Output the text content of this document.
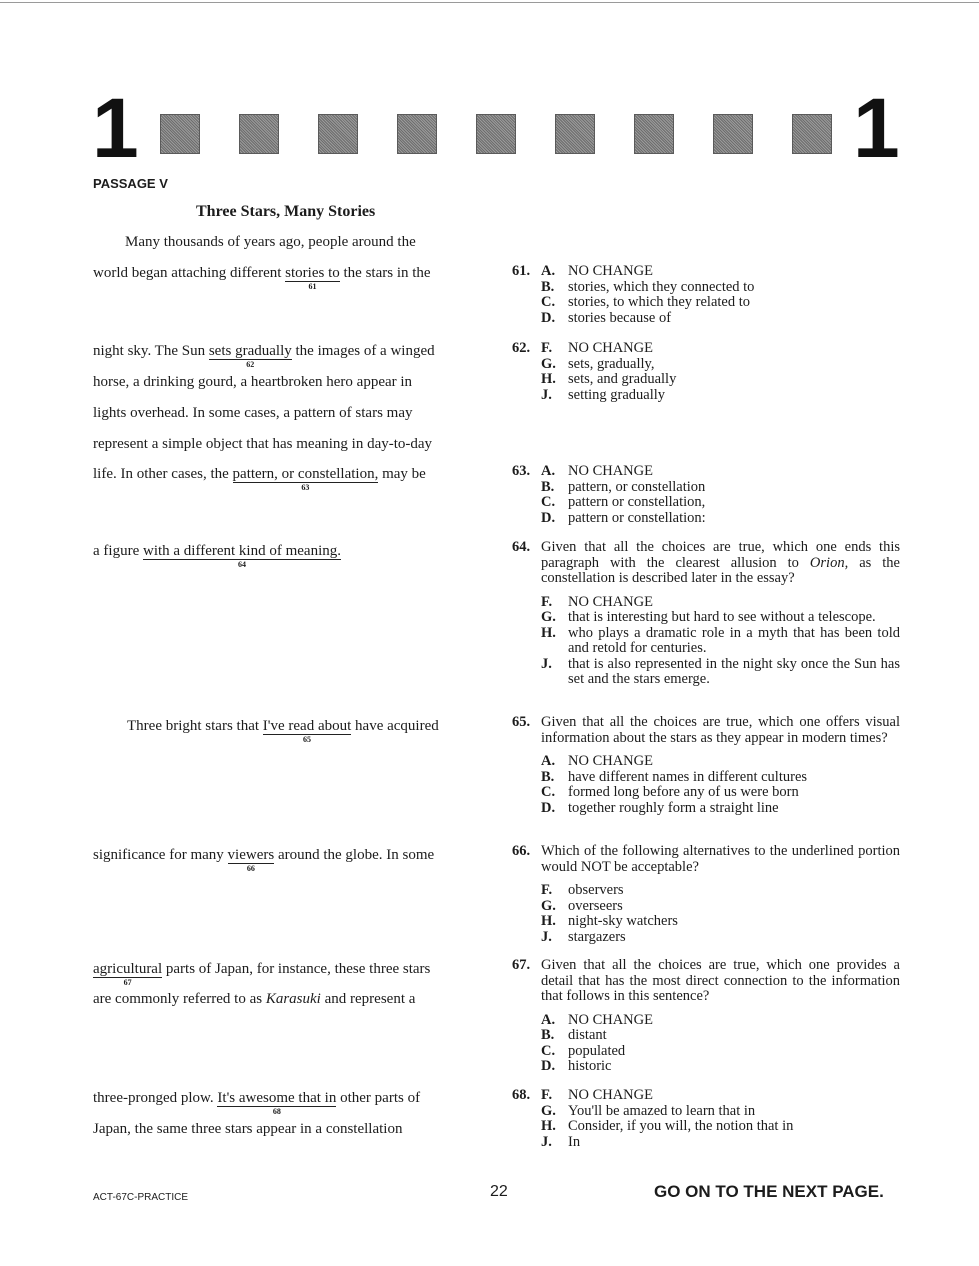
1	1
PASSAGE V
Three Stars, Many Stories
Many thousands of years ago, people around the
world began attaching different stories to
61
the stars in the
night sky. The Sun sets gradually
62
the images of a winged
horse, a drinking gourd, a heartbroken hero appear in
lights overhead. In some cases, a pattern of stars may
represent a simple object that has meaning in day-to-day
life. In other cases, the pattern, or constellation,
63
may be
a figure with a different kind of meaning.
64
Three bright stars that I've read about
65
have acquired
significance for many viewers
66
around the globe. In some
agricultural
67
parts of Japan, for instance, these three stars
are commonly referred to as Karasuki and represent a
three-pronged plow. It's awesome that in
68
other parts of
Japan, the same three stars appear in a constellation
61. A. NO CHANGE
B. stories, which they connected to
C. stories, to which they related to
D. stories because of
62. F. NO CHANGE
G. sets, gradually,
H. sets, and gradually
J. setting gradually
63. A. NO CHANGE
B. pattern, or constellation
C. pattern or constellation,
D. pattern or constellation:
64. Given that all the choices are true, which one ends this paragraph with the clearest allusion to Orion, as the constellation is described later in the essay?
F. NO CHANGE
G. that is interesting but hard to see without a telescope.
H. who plays a dramatic role in a myth that has been told and retold for centuries.
J. that is also represented in the night sky once the Sun has set and the stars emerge.
65. Given that all the choices are true, which one offers visual information about the stars as they appear in modern times?
A. NO CHANGE
B. have different names in different cultures
C. formed long before any of us were born
D. together roughly form a straight line
66. Which of the following alternatives to the underlined portion would NOT be acceptable?
F. observers
G. overseers
H. night-sky watchers
J. stargazers
67. Given that all the choices are true, which one provides a detail that has the most direct connection to the information that follows in this sentence?
A. NO CHANGE
B. distant
C. populated
D. historic
68. F. NO CHANGE
G. You'll be amazed to learn that in
H. Consider, if you will, the notion that in
J. In
ACT-67C-PRACTICE	22	GO ON TO THE NEXT PAGE.
